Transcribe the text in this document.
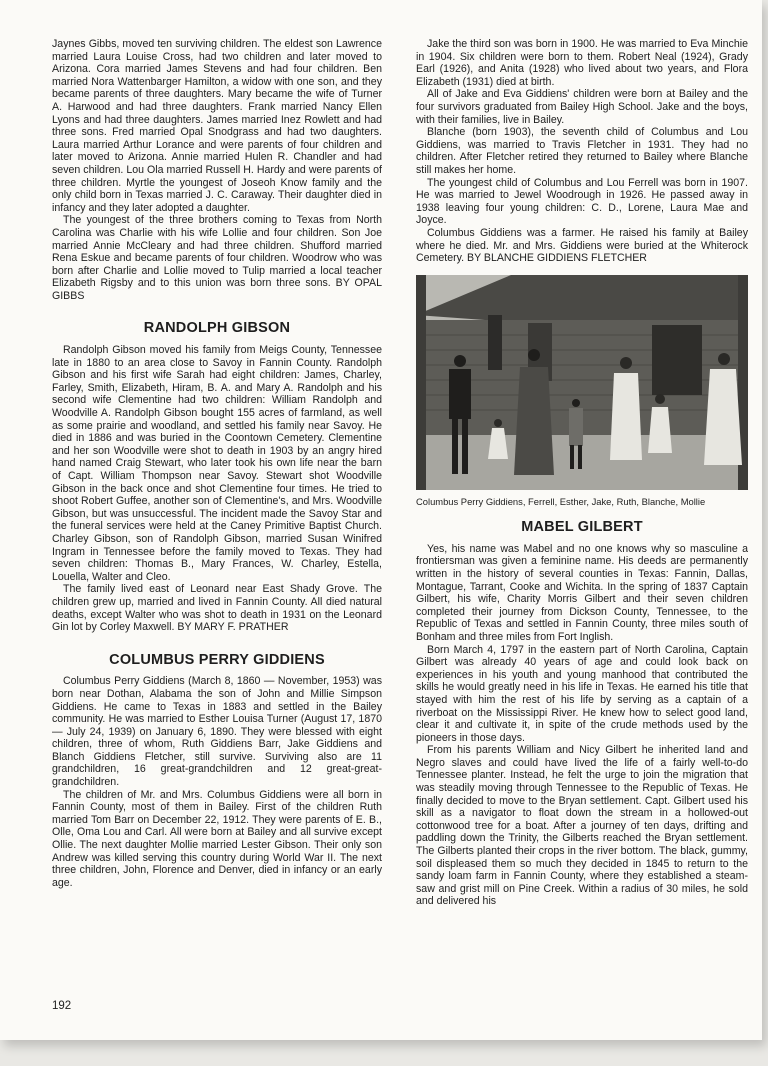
Jaynes Gibbs, moved ten surviving children. The eldest son Lawrence married Laura Louise Cross, had two children and later moved to Arizona. Cora married James Stevens and had four children. Ben married Nora Wattenbarger Hamilton, a widow with one son, and they became parents of three daughters. Mary became the wife of Turner A. Harwood and had three daughters. Frank married Nancy Ellen Lyons and had three daughters. James married Inez Rowlett and had three sons. Fred married Opal Snodgrass and had two daughters. Laura married Arthur Lorance and were parents of four children and later moved to Arizona. Annie married Hulen R. Chandler and had seven children. Lou Ola married Russell H. Hardy and were parents of three children. Myrtle the youngest of Joseoh Know family and the only child born in Texas married J. C. Caraway. Their daughter died in infancy and they later adopted a daughter.

The youngest of the three brothers coming to Texas from North Carolina was Charlie with his wife Lollie and four children. Son Joe married Annie McCleary and had three children. Shufford married Rena Eskue and became parents of four children. Woodrow who was born after Charlie and Lollie moved to Tulip married a local teacher Elizabeth Rigsby and to this union was born three sons. BY OPAL GIBBS

RANDOLPH GIBSON

Randolph Gibson moved his family from Meigs County, Tennessee late in 1880 to an area close to Savoy in Fannin County. Randolph Gibson and his first wife Sarah had eight children: James, Charley, Farley, Smith, Elizabeth, Hiram, B. A. and Mary A. Randolph and his second wife Clementine had two children: William Randolph and Woodville A. Randolph Gibson bought 155 acres of farmland, as well as some prairie and woodland, and settled his family near Savoy. He died in 1886 and was buried in the Coontown Cemetery. Clementine and her son Woodville were shot to death in 1903 by an angry hired hand named Craig Stewart, who later took his own life near the barn of Capt. William Thompson near Savoy. Stewart shot Woodville Gibson in the back once and shot Clementine four times. He tried to shoot Robert Guffee, another son of Clementine's, and Mrs. Woodville Gibson, but was unsuccessful. The incident made the Savoy Star and the funeral services were held at the Caney Primitive Baptist Church. Charley Gibson, son of Randolph Gibson, married Susan Winifred Ingram in Tennessee before the family moved to Texas. They had seven children: Thomas B., Mary Frances, W. Charley, Estella, Louella, Walter and Cleo.

The family lived east of Leonard near East Shady Grove. The children grew up, married and lived in Fannin County. All died natural deaths, except Walter who was shot to death in 1931 on the Leonard Gin lot by Corley Maxwell. BY MARY F. PRATHER

COLUMBUS PERRY GIDDIENS

Columbus Perry Giddiens (March 8, 1860 — November, 1953) was born near Dothan, Alabama the son of John and Millie Simpson Giddiens. He came to Texas in 1883 and settled in the Bailey community. He was married to Esther Louisa Turner (August 17, 1870 — July 24, 1939) on January 6, 1890. They were blessed with eight children, three of whom, Ruth Giddiens Barr, Jake Giddiens and Blanch Giddiens Fletcher, still survive. Surviving also are 11 grandchildren, 16 great-grandchildren and 12 great-great-grandchildren.

The children of Mr. and Mrs. Columbus Giddiens were all born in Fannin County, most of them in Bailey. First of the children Ruth married Tom Barr on December 22, 1912. They were parents of E. B., Olle, Oma Lou and Carl. All were born at Bailey and all survive except Ollie. The next daughter Mollie married Lester Gibson. Their only son Andrew was killed serving this country during World War II. The next three children, John, Florence and Denver, died in infancy or an early age.

Jake the third son was born in 1900. He was married to Eva Minchie in 1904. Six children were born to them. Robert Neal (1924), Grady Earl (1926), and Anita (1928) who lived about two years, and Flora Elizabeth (1931) died at birth.

All of Jake and Eva Giddiens' children were born at Bailey and the four survivors graduated from Bailey High School. Jake and the boys, with their families, live in Bailey.

Blanche (born 1903), the seventh child of Columbus and Lou Giddiens, was married to Travis Fletcher in 1931. They had no children. After Fletcher retired they returned to Bailey where Blanche still makes her home.

The youngest child of Columbus and Lou Ferrell was born in 1907. He was married to Jewel Woodrough in 1926. He passed away in 1938 leaving four young children: C. D., Lorene, Laura Mae and Joyce.

Columbus Giddiens was a farmer. He raised his family at Bailey where he died. Mr. and Mrs. Giddiens were buried at the Whiterock Cemetery. BY BLANCHE GIDDIENS FLETCHER

Columbus Perry Giddiens, Ferrell, Esther, Jake, Ruth, Blanche, Mollie

MABEL GILBERT

Yes, his name was Mabel and no one knows why so masculine a frontiersman was given a feminine name. His deeds are permanently written in the history of several counties in Texas: Fannin, Dallas, Montague, Tarrant, Cooke and Wichita. In the spring of 1837 Captain Gilbert, his wife, Charity Morris Gilbert and their seven children completed their journey from Dickson County, Tennessee, to the Republic of Texas and settled in Fannin County, three miles south of Bonham and three miles from Fort Inglish.

Born March 4, 1797 in the eastern part of North Carolina, Captain Gilbert was already 40 years of age and could look back on experiences in his youth and young manhood that contributed the skills he would greatly need in his life in Texas. He earned his title that stayed with him the rest of his life by serving as a captain of a riverboat on the Mississippi River. He knew how to select good land, clear it and cultivate it, in spite of the crude methods used by the pioneers in those days.

From his parents William and Nicy Gilbert he inherited land and Negro slaves and could have lived the life of a fairly well-to-do Tennessee planter. Instead, he felt the urge to join the migration that was steadily moving through Tennessee to the Republic of Texas. He finally decided to move to the Bryan settlement. Capt. Gilbert used his skill as a navigator to float down the stream in a hollowed-out cottonwood tree for a boat. After a journey of ten days, drifting and paddling down the Trinity, the Gilberts reached the Bryan settlement. The Gilberts planted their crops in the river bottom. The black, gummy, soil displeased them so much they decided in 1845 to return to the sandy loam farm in Fannin County, where they established a steam-saw and grist mill on Pine Creek. Within a radius of 30 miles, he sold and delivered his

192
